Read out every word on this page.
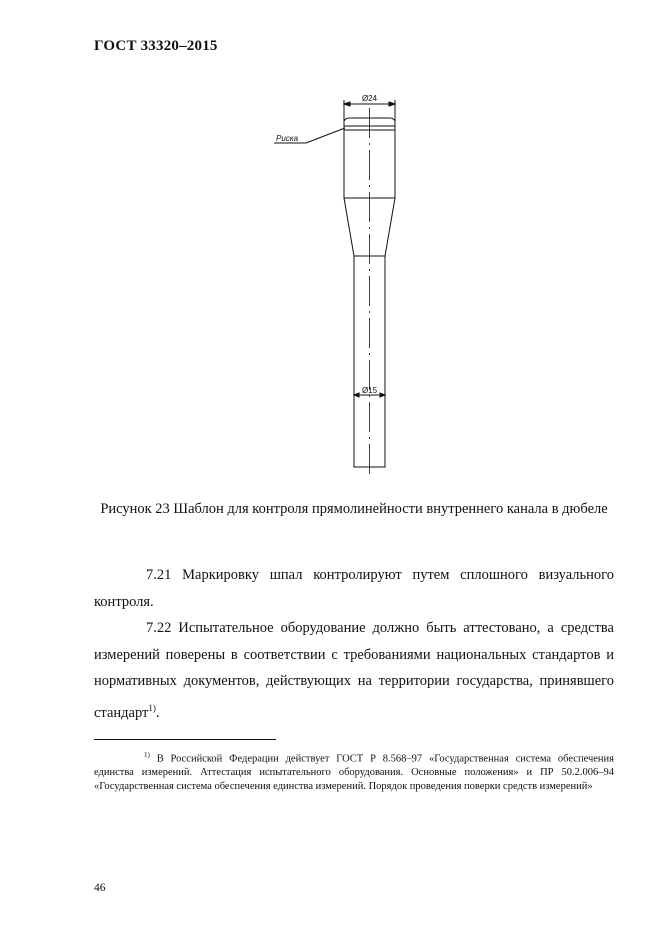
ГОСТ 33320–2015
Ø24
Ø15
Риска
Рисунок 23 Шаблон для контроля прямолинейности внутреннего канала в дюбеле

7.21 Маркировку шпал контролируют путем сплошного визуального контроля.

7.22 Испытательное оборудование должно быть аттестовано, а средства измерений поверены в соответствии с требованиями национальных стандартов и нормативных документов, действующих на территории государства, принявшего стандарт$^{1)}$.

$^{1)}$ В Российской Федерации действует ГОСТ Р 8.568–97 «Государственная система обеспечения единства измерений. Аттестация испытательного оборудования. Основные положения» и ПР 50.2.006–94 «Государственная система обеспечения единства измерений. Порядок проведения поверки средств измерений»
46
